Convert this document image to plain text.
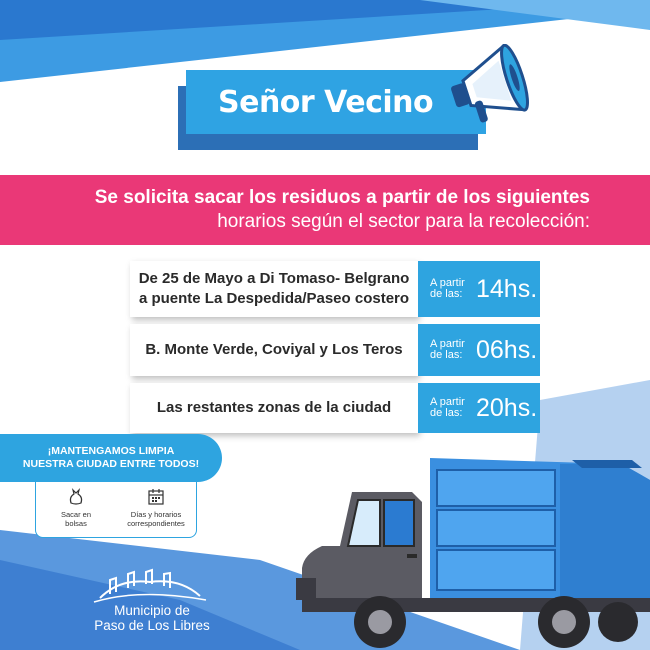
Señor Vecino
Se solicita sacar los residuos a partir de los siguientes
horarios según el sector para la recolección:
De 25 de Mayo a Di Tomaso- Belgrano
a puente La Despedida/Paseo costero
A partir
de las: 14hs.
B. Monte Verde, Coviyal y Los Teros A partir
de las: 06hs.
Las restantes zonas de la ciudad	A partir
de las: 20hs.
Sacar en
bolsas
Días y horarios
correspondientes
¡MANTENGAMOS LIMPIA
NUESTRA CIUDAD ENTRE TODOS!
Municipio de
Paso de Los Libres
